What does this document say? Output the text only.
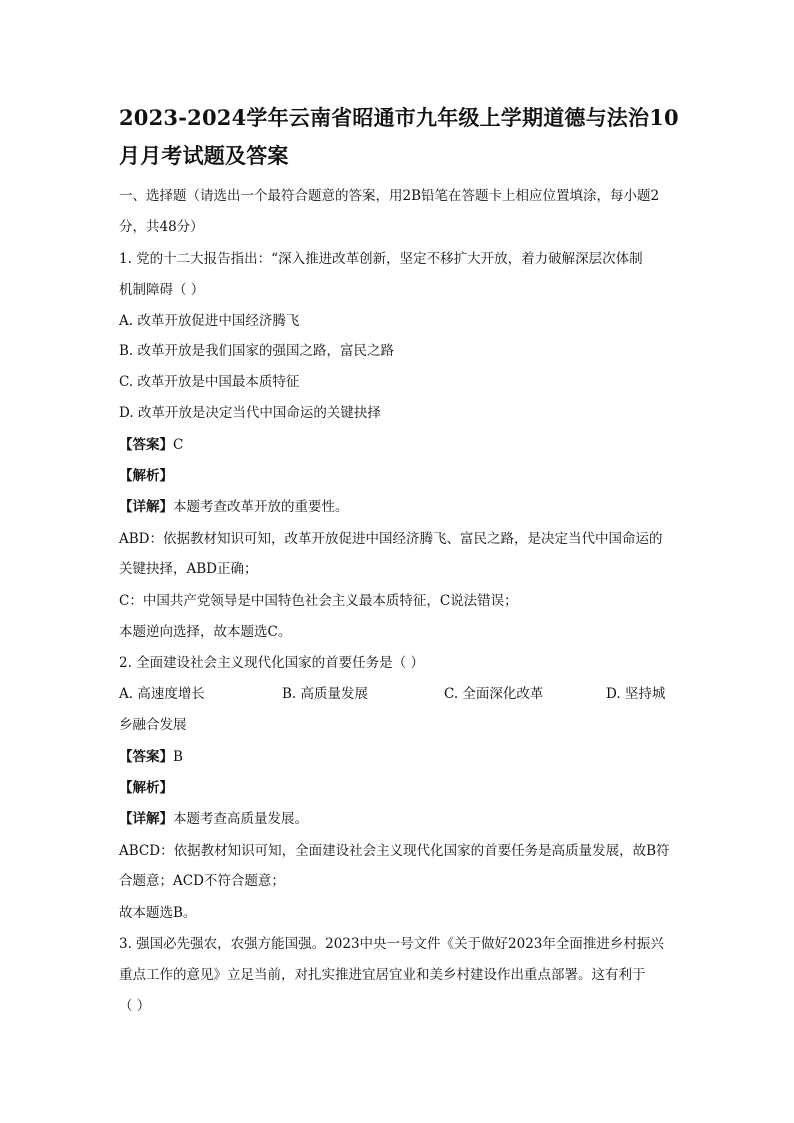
2023-2024学年云南省昭通市九年级上学期道德与法治10
月月考试题及答案
一、选择题（请选出一个最符合题意的答案，用2B铅笔在答题卡上相应位置填涂，每小题2
分，共48分）
1. 党的十二大报告指出：“深入推进改革创新，坚定不移扩大开放，着力破解深层次体制
机制障碍（ ）
A. 改革开放促进中国经济腾飞
B. 改革开放是我们国家的强国之路，富民之路
C. 改革开放是中国最本质特征
D. 改革开放是决定当代中国命运的关键抉择
【答案】C
【解析】
【详解】本题考查改革开放的重要性。
ABD：依据教材知识可知，改革开放促进中国经济腾飞、富民之路，是决定当代中国命运的
关键抉择，ABD正确；
C：中国共产党领导是中国特色社会主义最本质特征，C说法错误；
本题逆向选择，故本题选C。
2. 全面建设社会主义现代化国家的首要任务是（ ）
A. 高速度增长	B. 高质量发展	C. 全面深化改革	D. 坚持城
乡融合发展
【答案】B
【解析】
【详解】本题考查高质量发展。
ABCD：依据教材知识可知，全面建设社会主义现代化国家的首要任务是高质量发展，故B符
合题意；ACD不符合题意；
故本题选B。
3. 强国必先强农，农强方能国强。2023中央一号文件《关于做好2023年全面推进乡村振兴
重点工作的意见》立足当前，对扎实推进宜居宜业和美乡村建设作出重点部署。这有利于
（ ）
